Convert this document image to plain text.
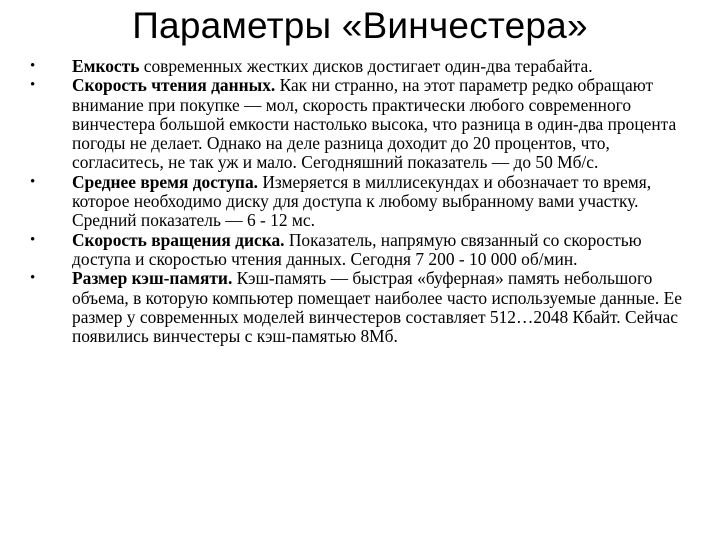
Параметры «Винчестера»
•	Емкость современных жестких дисков достигает один-два терабайта.
•	Скорость чтения данных. Как ни странно, на этот параметр редко обращают внимание при покупке — мол, скорость практически любого современного винчестера большой емкости настолько высока, что разница в один-два процента погоды не делает. Однако на деле разница доходит до 20 процентов, что, согласитесь, не так уж и мало. Сегодняшний показатель — до 50 Мб/с.
•	Среднее время доступа. Измеряется в миллисекундах и обозначает то время, которое необходимо диску для доступа к любому выбранному вами участку. Средний показатель — 6 - 12 мс.
•	Скорость вращения диска. Показатель, напрямую связанный со скоростью доступа и скоростью чтения данных. Сегодня 7 200 - 10 000 об/мин.
•	Размер кэш-памяти. Кэш-память — быстрая «буферная» память небольшого объема, в которую компьютер помещает наиболее часто используемые данные. Ее размер у современных моделей винчестеров составляет 512…2048 Кбайт. Сейчас появились винчестеры с кэш-памятью 8Мб.
